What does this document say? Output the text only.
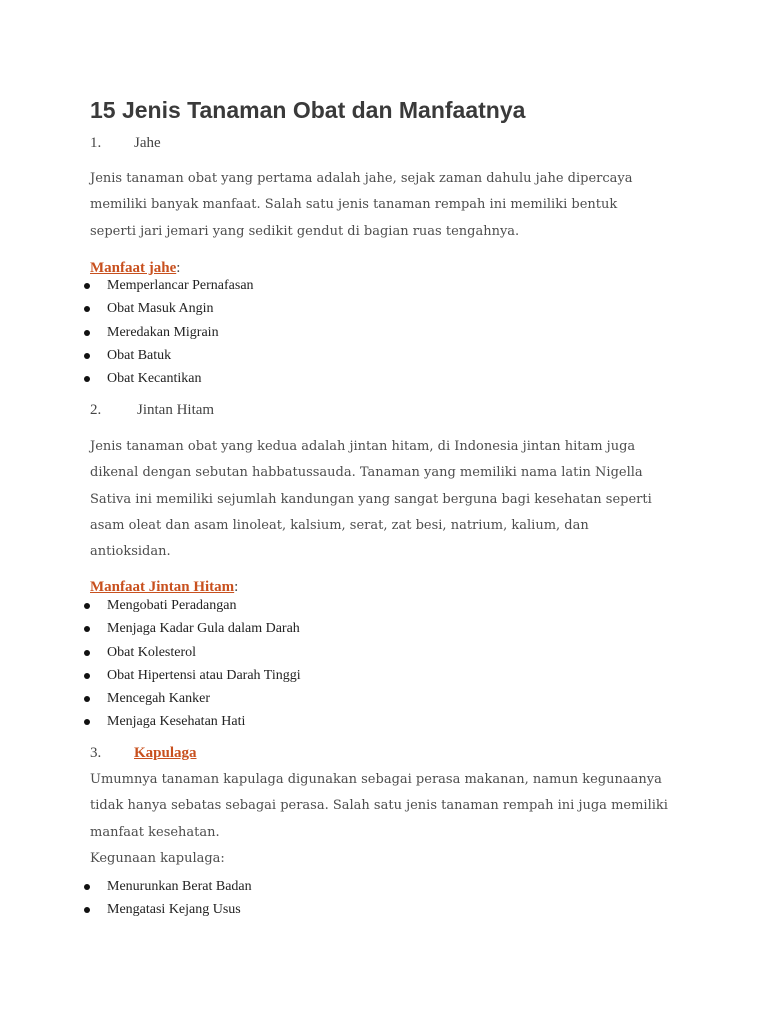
15 Jenis Tanaman Obat dan Manfaatnya
1. Jahe

Jenis tanaman obat yang pertama adalah jahe, sejak zaman dahulu jahe dipercaya
memiliki banyak manfaat. Salah satu jenis tanaman rempah ini memiliki bentuk
seperti jari jemari yang sedikit gendut di bagian ruas tengahnya.

Manfaat jahe:

Memperlancar Pernafasan
Obat Masuk Angin
Meredakan Migrain
Obat Batuk
Obat Kecantikan
2. Jintan Hitam

Jenis tanaman obat yang kedua adalah jintan hitam, di Indonesia jintan hitam juga
dikenal dengan sebutan habbatussauda. Tanaman yang memiliki nama latin Nigella
Sativa ini memiliki sejumlah kandungan yang sangat berguna bagi kesehatan seperti
asam oleat dan asam linoleat, kalsium, serat, zat besi, natrium, kalium, dan
antioksidan.

Manfaat Jintan Hitam:

Mengobati Peradangan
Menjaga Kadar Gula dalam Darah
Obat Kolesterol
Obat Hipertensi atau Darah Tinggi
Mencegah Kanker
Menjaga Kesehatan Hati
3. Kapulaga

Umumnya tanaman kapulaga digunakan sebagai perasa makanan, namun kegunaanya
tidak hanya sebatas sebagai perasa. Salah satu jenis tanaman rempah ini juga memiliki
manfaat kesehatan.
Kegunaan kapulaga:

Menurunkan Berat Badan
Mengatasi Kejang Usus
